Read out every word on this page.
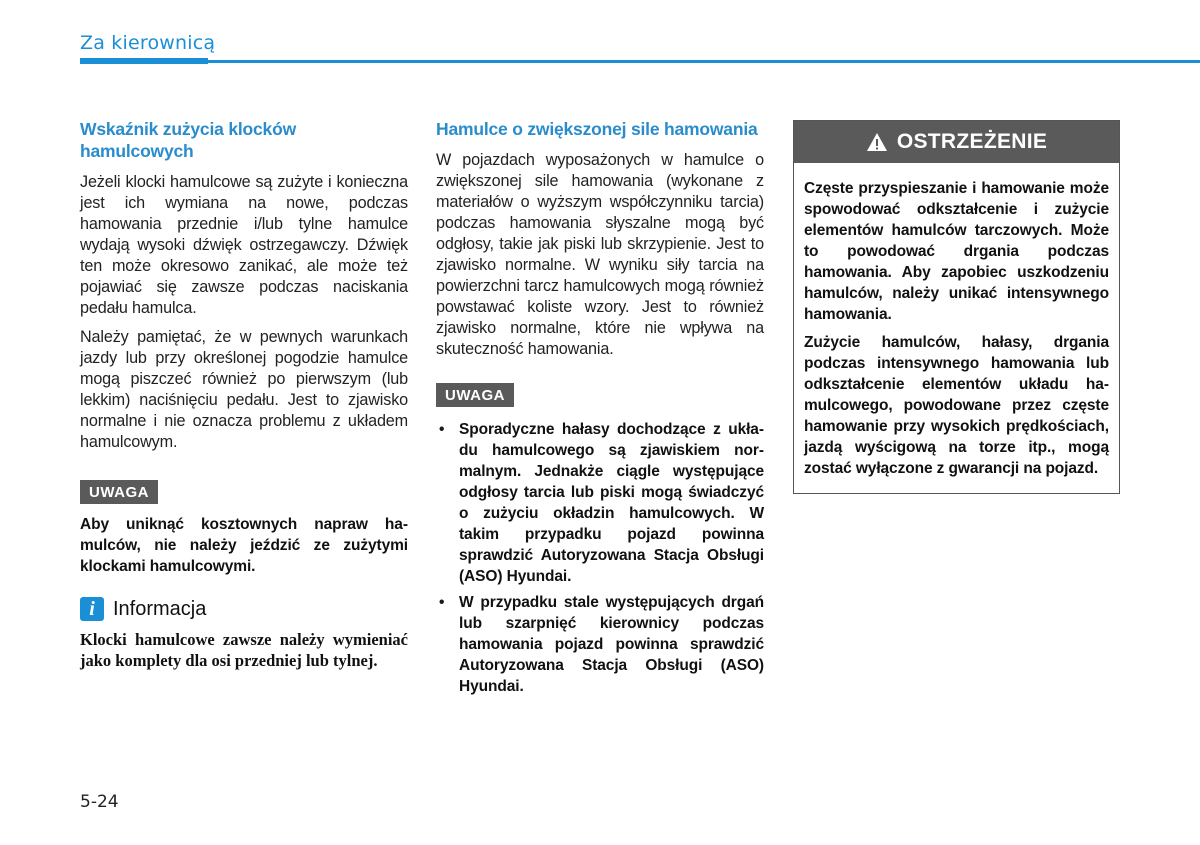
Za kierownicą
Wskaźnik zużycia klocków hamulcowych

Jeżeli klocki hamulcowe są zużyte i konieczna jest ich wymiana na nowe, podczas hamowania przednie i/lub tylne hamulce wydają wysoki dźwięk ostrzegawczy. Dźwięk ten może okresowo zanikać, ale może też pojawiać się zawsze podczas naciskania pedału hamulca.

Należy pamiętać, że w pewnych warunkach jazdy lub przy określonej pogodzie hamulce mogą piszczeć również po pierwszym (lub lekkim) naciśnięciu pedału. Jest to zjawisko normalne i nie oznacza problemu z układem hamulcowym.

UWAGA

Aby uniknąć kosztownych napraw hamulców, nie należy jeździć ze zużytymi klockami hamulcowymi.

i Informacja

Klocki hamulcowe zawsze należy wymieniać jako komplety dla osi przedniej lub tylnej.

Hamulce o zwiększonej sile hamowania

W pojazdach wyposażonych w hamulce o zwiększonej sile hamowania (wykonane z materiałów o wyższym współczynniku tarcia) podczas hamowania słyszalne mogą być odgłosy, takie jak piski lub skrzypienie. Jest to zjawisko normalne. W wyniku siły tarcia na powierzchni tarcz hamulcowych mogą również powstawać koliste wzory. Jest to również zjawisko normalne, które nie wpływa na skuteczność hamowania.

UWAGA
• Sporadyczne hałasy dochodzące z układu hamulcowego są zjawiskiem normalnym. Jednakże ciągle występujące odgłosy tarcia lub piski mogą świadczyć o zużyciu okładzin hamulcowych. W takim przypadku pojazd powinna sprawdzić Autoryzowana Stacja Obsługi (ASO) Hyundai.

• W przypadku stale występujących drgań lub szarpnięć kierownicy podczas hamowania pojazd powinna sprawdzić Autoryzowana Stacja Obsługi (ASO) Hyundai.

OSTRZEŻENIE

Częste przyspieszanie i hamowanie może spowodować odkształcenie i zużycie elementów hamulców tarczowych. Może to powodować drgania podczas hamowania. Aby zapobiec uszkodzeniu hamulców, należy unikać intensywnego hamowania.

Zużycie hamulców, hałasy, drgania podczas intensywnego hamowania lub odkształcenie elementów układu hamulcowego, powodowane przez częste hamowanie przy wysokich prędkościach, jazdą wyścigową na torze itp., mogą zostać wyłączone z gwarancji na pojazd.

5-24
